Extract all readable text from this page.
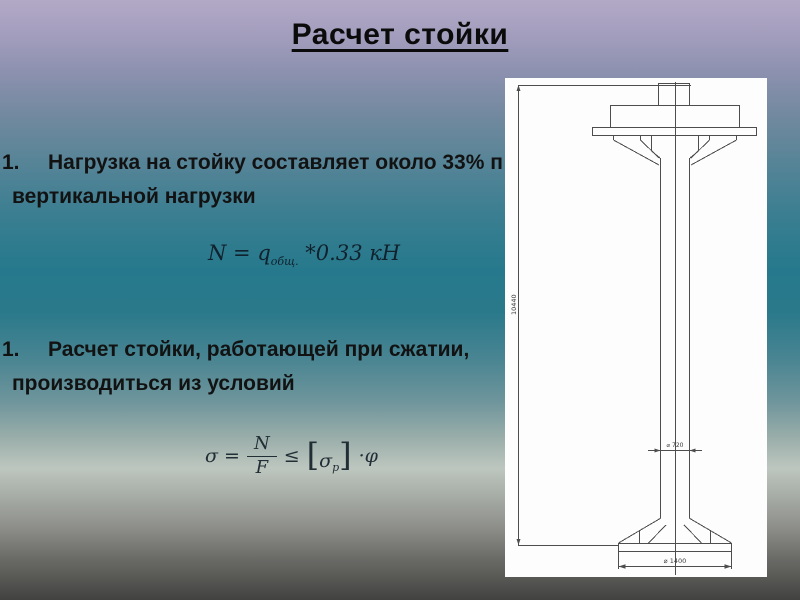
Расчет стойки
1. Нагрузка на стойку составляет около 33% п
вертикальной нагрузки
$N = q_{общ.}$ *0.33 кН
1. Расчет стойки, работающей при сжатии,
производиться из условий
$\sigma = \frac{N}{F}$ ≤ [ $\sigma_р$ ] ·φ
10440
⌀ 720
⌀ 1400
